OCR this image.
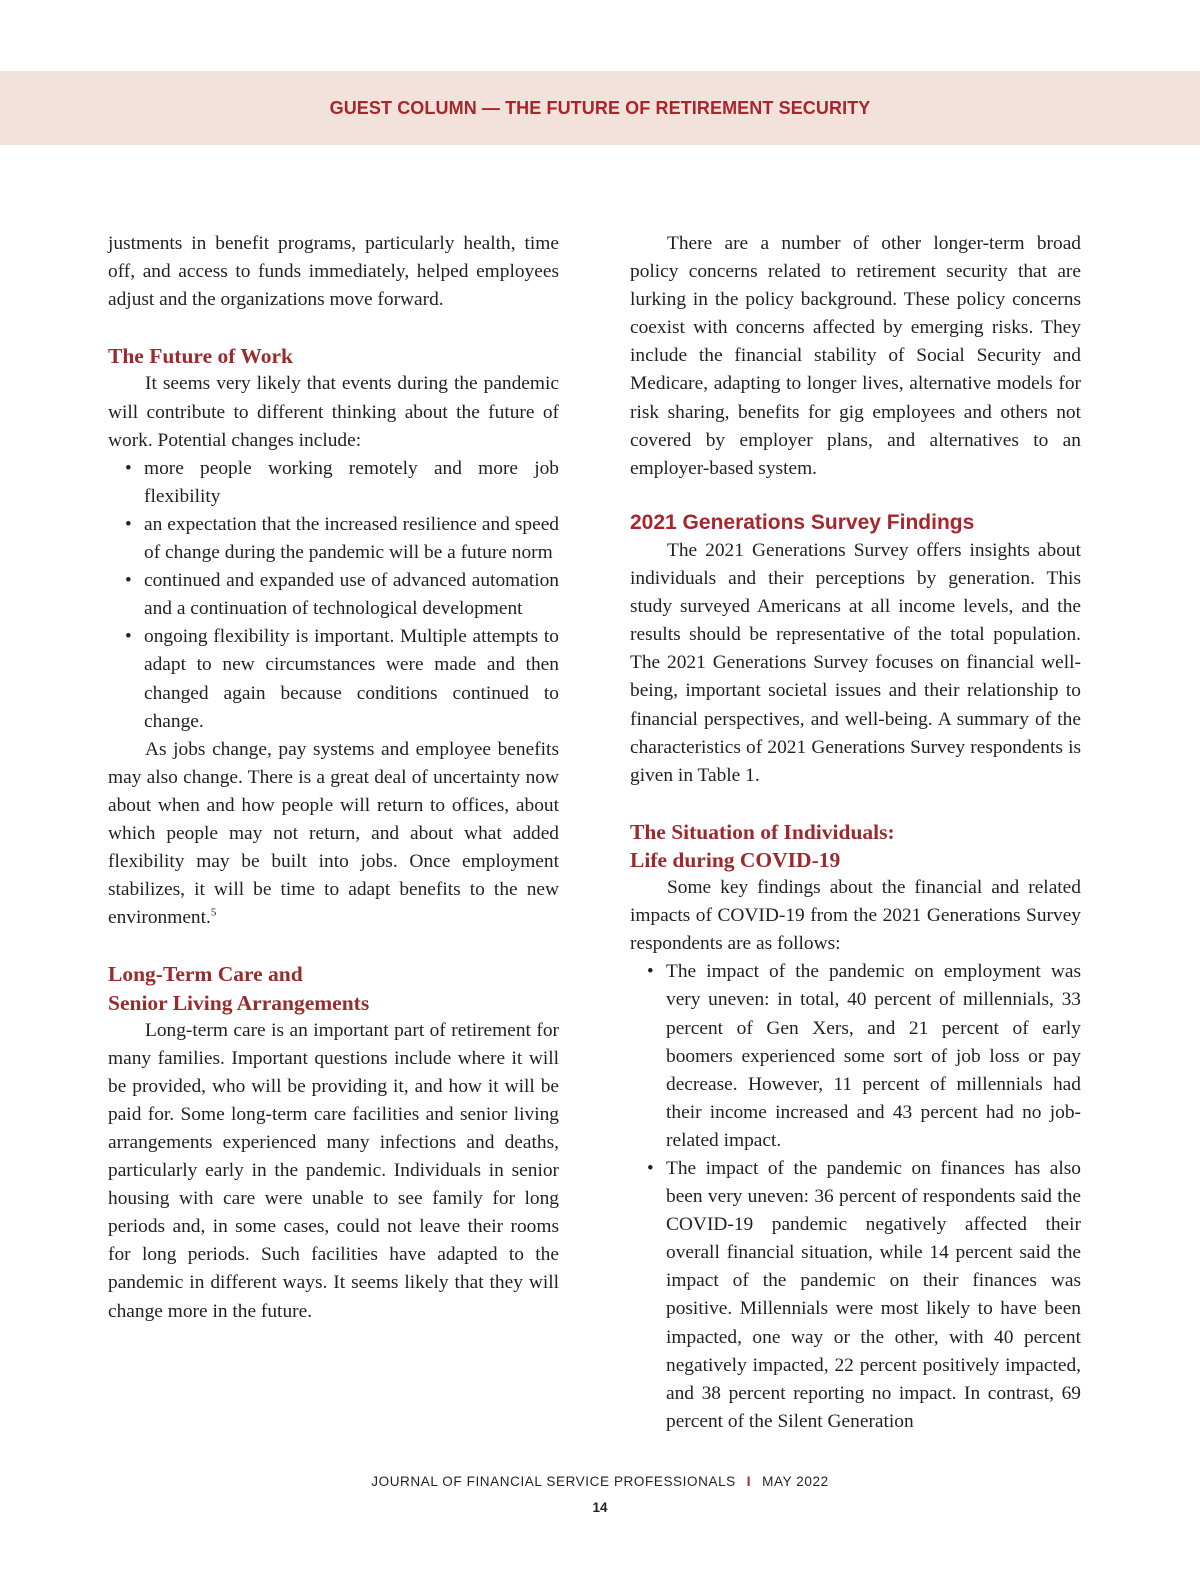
GUEST COLUMN — THE FUTURE OF RETIREMENT SECURITY

justments in benefit programs, particularly health, time off, and access to funds immediately, helped employees adjust and the organizations move forward.

The Future of Work

It seems very likely that events during the pandemic will contribute to different thinking about the future of work. Potential changes include:

• more people working remotely and more job flexibility
• an expectation that the increased resilience and speed of change during the pandemic will be a future norm
• continued and expanded use of advanced automation and a continuation of technological development
• ongoing flexibility is important. Multiple attempts to adapt to new circumstances were made and then changed again because conditions continued to change.

As jobs change, pay systems and employee benefits may also change. There is a great deal of uncertainty now about when and how people will return to offices, about which people may not return, and about what added flexibility may be built into jobs. Once employment stabilizes, it will be time to adapt benefits to the new environment.$^5$

Long-Term Care and
Senior Living Arrangements

Long-term care is an important part of retirement for many families. Important questions include where it will be provided, who will be providing it, and how it will be paid for. Some long-term care facilities and senior living arrangements experienced many infections and deaths, particularly early in the pandemic. Individuals in senior housing with care were unable to see family for long periods and, in some cases, could not leave their rooms for long periods. Such facilities have adapted to the pandemic in different ways. It seems likely that they will change more in the future.

There are a number of other longer-term broad policy concerns related to retirement security that are lurking in the policy background. These policy concerns coexist with concerns affected by emerging risks. They include the financial stability of Social Security and Medicare, adapting to longer lives, alternative models for risk sharing, benefits for gig employees and others not covered by employer plans, and alternatives to an employer-based system.

2021 Generations Survey Findings

The 2021 Generations Survey offers insights about individuals and their perceptions by generation. This study surveyed Americans at all income levels, and the results should be representative of the total population. The 2021 Generations Survey focuses on financial well-being, important societal issues and their relationship to financial perspectives, and well-being. A summary of the characteristics of 2021 Generations Survey respondents is given in Table 1.

The Situation of Individuals:
Life during COVID-19

Some key findings about the financial and related impacts of COVID-19 from the 2021 Generations Survey respondents are as follows:

• The impact of the pandemic on employment was very uneven: in total, 40 percent of millennials, 33 percent of Gen Xers, and 21 percent of early boomers experienced some sort of job loss or pay decrease. However, 11 percent of millennials had their income increased and 43 percent had no job-related impact.
• The impact of the pandemic on finances has also been very uneven: 36 percent of respondents said the COVID-19 pandemic negatively affected their overall financial situation, while 14 percent said the impact of the pandemic on their finances was positive. Millennials were most likely to have been impacted, one way or the other, with 40 percent negatively impacted, 22 percent positively impacted, and 38 percent reporting no impact. In contrast, 69 percent of the Silent Generation
JOURNAL OF FINANCIAL SERVICE PROFESSIONALS I MAY 2022
14
